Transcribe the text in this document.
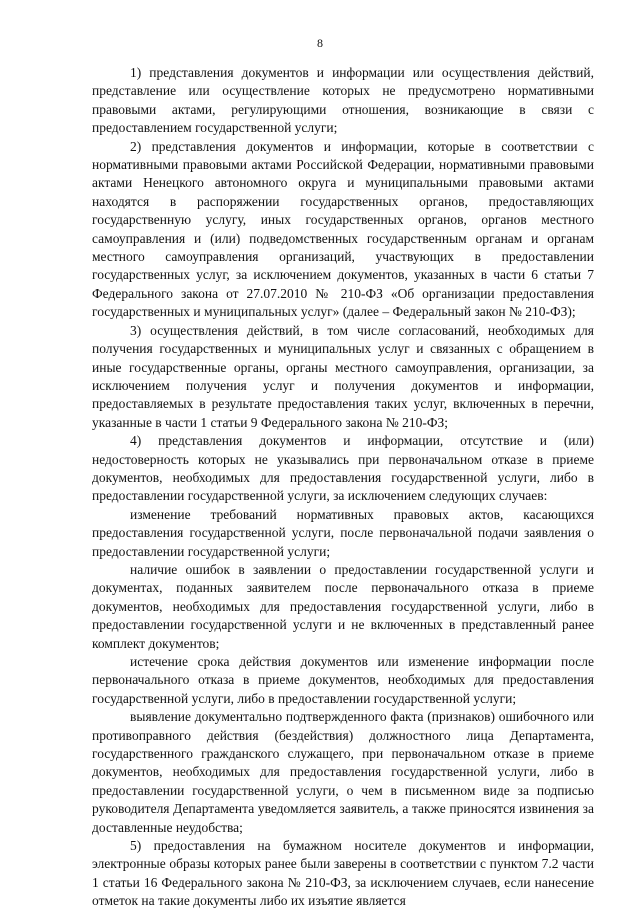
8

1) представления документов и информации или осуществления действий, представление или осуществление которых не предусмотрено нормативными правовыми актами, регулирующими отношения, возникающие в связи с предоставлением государственной услуги;

2) представления документов и информации, которые в соответствии с нормативными правовыми актами Российской Федерации, нормативными правовыми актами Ненецкого автономного округа и муниципальными правовыми актами находятся в распоряжении государственных органов, предоставляющих государственную услугу, иных государственных органов, органов местного самоуправления и (или) подведомственных государственным органам и органам местного самоуправления организаций, участвующих в предоставлении государственных услуг, за исключением документов, указанных в части 6 статьи 7 Федерального закона от 27.07.2010 № 210-ФЗ «Об организации предоставления государственных и муниципальных услуг» (далее – Федеральный закон № 210-ФЗ);

3) осуществления действий, в том числе согласований, необходимых для получения государственных и муниципальных услуг и связанных с обращением в иные государственные органы, органы местного самоуправления, организации, за исключением получения услуг и получения документов и информации, предоставляемых в результате предоставления таких услуг, включенных в перечни, указанные в части 1 статьи 9 Федерального закона № 210-ФЗ;

4) представления документов и информации, отсутствие и (или) недостоверность которых не указывались при первоначальном отказе в приеме документов, необходимых для предоставления государственной услуги, либо в предоставлении государственной услуги, за исключением следующих случаев:

изменение требований нормативных правовых актов, касающихся предоставления государственной услуги, после первоначальной подачи заявления о предоставлении государственной услуги;

наличие ошибок в заявлении о предоставлении государственной услуги и документах, поданных заявителем после первоначального отказа в приеме документов, необходимых для предоставления государственной услуги, либо в предоставлении государственной услуги и не включенных в представленный ранее комплект документов;

истечение срока действия документов или изменение информации после первоначального отказа в приеме документов, необходимых для предоставления государственной услуги, либо в предоставлении государственной услуги;

выявление документально подтвержденного факта (признаков) ошибочного или противоправного действия (бездействия) должностного лица Департамента, государственного гражданского служащего, при первоначальном отказе в приеме документов, необходимых для предоставления государственной услуги, либо в предоставлении государственной услуги, о чем в письменном виде за подписью руководителя Департамента уведомляется заявитель, а также приносятся извинения за доставленные неудобства;

5) предоставления на бумажном носителе документов и информации, электронные образы которых ранее были заверены в соответствии с пунктом 7.2 части 1 статьи 16 Федерального закона № 210-ФЗ, за исключением случаев, если нанесение отметок на такие документы либо их изъятие является
